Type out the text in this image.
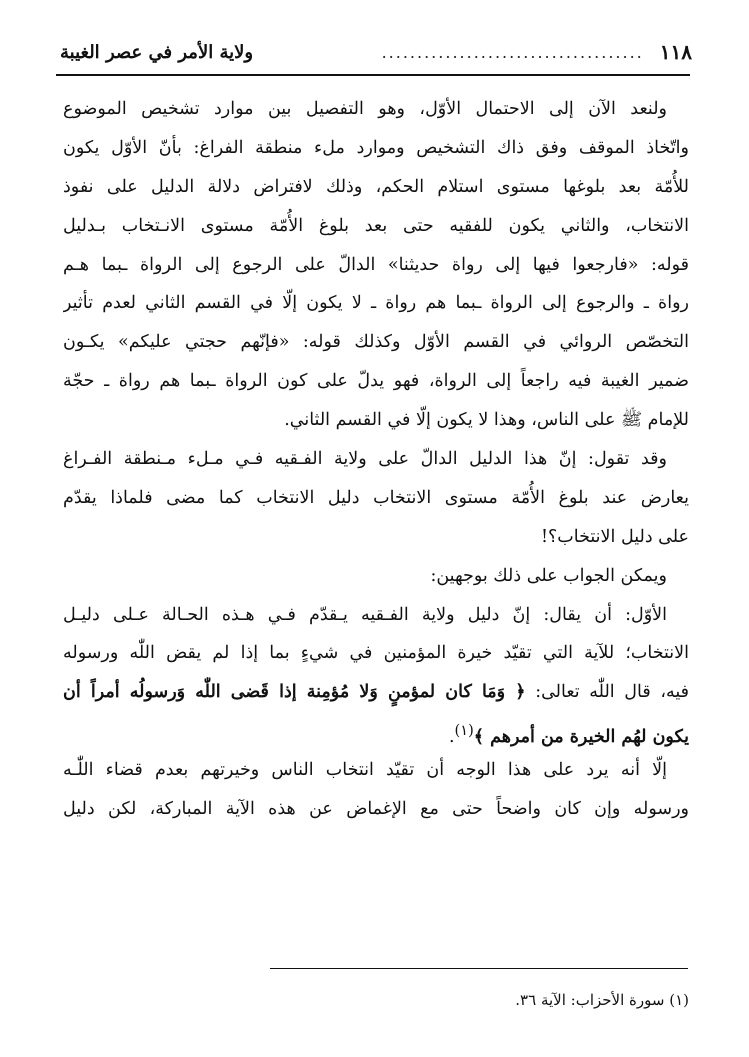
١١٨
.....................................
ولاية الأمر في عصر الغيبة
ولنعد الآن إلى الاحتمال الأوّل، وهو التفصيل بين موارد تشخيص الموضوع
واتّخاذ الموقف وفق ذاك التشخيص وموارد ملء منطقة الفراغ: بأنّ الأوّل يكون
للأُمّة بعد بلوغها مستوى استلام الحكم، وذلك لافتراض دلالة الدليل على نفوذ
الانتخاب، والثاني يكون للفقيه حتى بعد بلوغ الأُمّة مستوى الانـتخاب بـدليل
قوله: «فارجعوا فيها إلى رواة حديثنا» الدالّ على الرجوع إلى الرواة ـبما هـم
رواة ـ والرجوع إلى الرواة ـبما هم رواة ـ لا يكون إلّا في القسم الثاني لعدم تأثير
التخصّص الروائي في القسم الأوّل وكذلك قوله: «فإنّهم حجتي عليكم» يكـون
ضمير الغيبة فيه راجعاً إلى الرواة، فهو يدلّ على كون الرواة ـبما هم رواة ـ حجّة
للإمام ﷺ على الناس، وهذا لا يكون إلّا في القسم الثاني.
وقد تقول: إنّ هذا الدليل الدالّ على ولاية الفـقيه فـي مـلء مـنطقة الفـراغ
يعارض عند بلوغ الأُمّة مستوى الانتخاب دليل الانتخاب كما مضى فلماذا يقدّم
على دليل الانتخاب؟!
ويمكن الجواب على ذلك بوجهين:
الأوّل: أن يقال: إنّ دليل ولاية الفـقيه يـقدّم فـي هـذه الحـالة عـلى دليـل
الانتخاب؛ للآية التي تقيّد خيرة المؤمنين في شيءٍ بما إذا لم يقض اللّٰه ورسوله
فيه، قال اللّٰه تعالى: ﴿ وَمَا كان لمؤمنٍ وَلا مُؤمِنة إذا قَضى اللّٰه وَرسولُه أمراً أن
يكون لهُم الخيرة من أمرهم ﴾$^{(١)}$.
إلّا أنه يرد على هذا الوجه أن تقيّد انتخاب الناس وخيرتهم بعدم قضاء اللّٰـه
ورسوله وإن كان واضحاً حتى مع الإغماض عن هذه الآية المباركة، لكن دليل
(١) سورة الأحزاب: الآية ٣٦.
